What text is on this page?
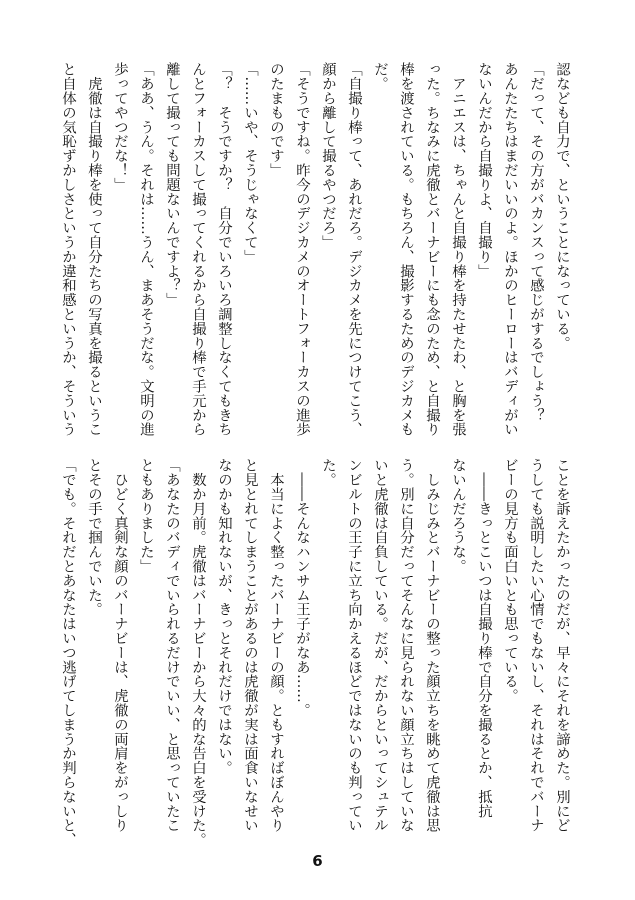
認なども自力で、ということになっている。
「だって、その方がバカンスって感じがするでしょう？
あんたたちはまだいいのよ。ほかのヒーローはバディがい
ないんだから自撮りよ、自撮り」
　アニエスは、ちゃんと自撮り棒を持たせたわ、と胸を張
った。ちなみに虎徹とバーナビーにも念のため、と自撮り
棒を渡されている。もちろん、撮影するためのデジカメも
だ。
「自撮り棒って、あれだろ。デジカメを先につけてこう、
顔から離して撮るやつだろ」
「そうですね。昨今のデジカメのオートフォーカスの進歩
のたまものです」
「……いや、そうじゃなくて」
「？　そうですか？　自分でいろいろ調整しなくてもきち
んとフォーカスして撮ってくれるから自撮り棒で手元から
離して撮っても問題ないんですよ？」
「ああ、うん。それは……うん、まあそうだな。文明の進
歩ってやつだな！」
　虎徹は自撮り棒を使って自分たちの写真を撮るというこ
と自体の気恥ずかしさというか違和感というか、そういう
ことを訴えたかったのだが、早々にそれを諦めた。別にど
うしても説明したい心情でもないし、それはそれでバーナ
ビーの見方も面白いとも思っている。
　――きっとこいつは自撮り棒で自分を撮るとか、抵抗
ないんだろうな。
　しみじみとバーナビーの整った顔立ちを眺めて虎徹は思
う。別に自分だってそんなに見られない顔立ちはしていな
いと虎徹は自負している。だが、だからといってシュテル
ンビルトの王子に立ち向かえるほどではないのも判ってい
た。
　――そんなハンサム王子がなあ……。
　本当によく整ったバーナビーの顔。ともすればぼんやり
と見とれてしまうことがあるのは虎徹が実は面食いなせい
なのかも知れないが、きっとそれだけではない。
　数か月前。虎徹はバーナビーから大々的な告白を受けた。
「あなたのバディでいられるだけでいい、と思っていたこ
ともありました」
　ひどく真剣な顔のバーナビーは、虎徹の両肩をがっしり
とその手で掴んでいた。
「でも。それだとあなたはいつ逃げてしまうか判らないと、
6
